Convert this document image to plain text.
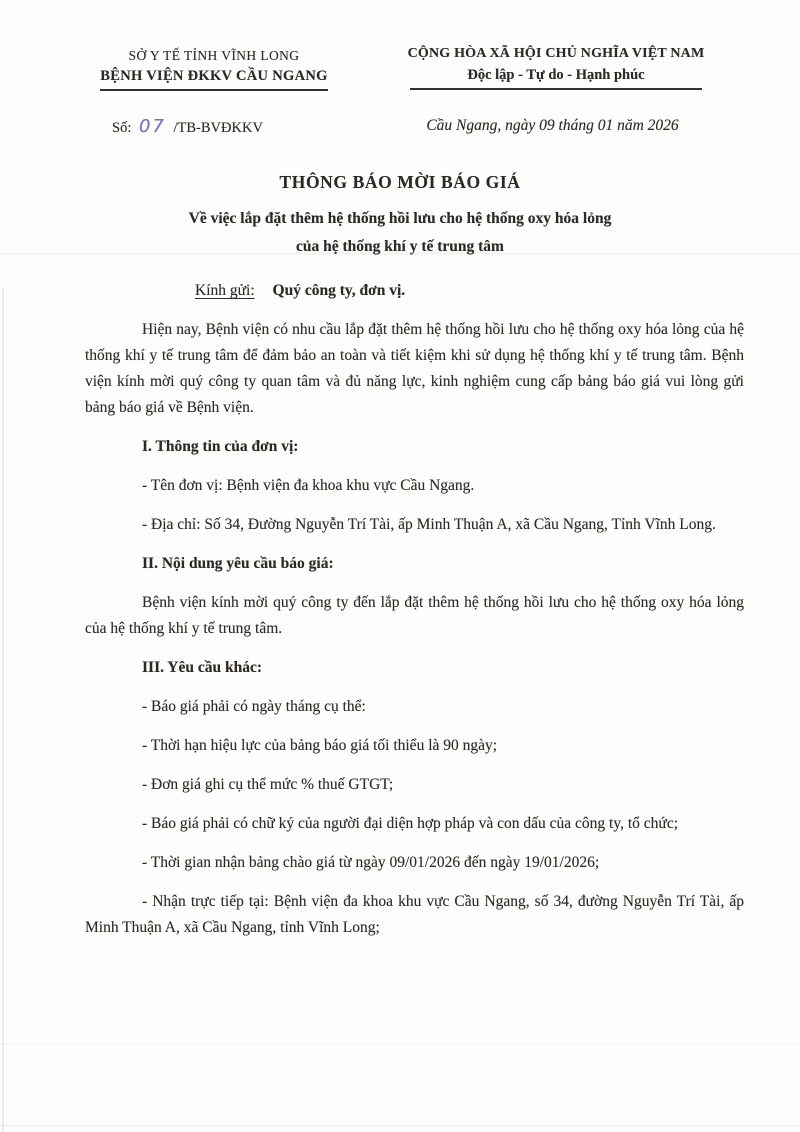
SỞ Y TẾ TỈNH VĨNH LONG
BỆNH VIỆN ĐKKV CẦU NGANG
CỘNG HÒA XÃ HỘI CHỦ NGHĨA VIỆT NAM
Độc lập - Tự do - Hạnh phúc
Số: 07 /TB-BVĐKKV	Cầu Ngang, ngày 09 tháng 01 năm 2026
THÔNG BÁO MỜI BÁO GIÁ
Về việc lắp đặt thêm hệ thống hồi lưu cho hệ thống oxy hóa lỏng
của hệ thống khí y tế trung tâm

Kính gửi: Quý công ty, đơn vị.

Hiện nay, Bệnh viện có nhu cầu lắp đặt thêm hệ thống hồi lưu cho hệ thống oxy hóa lỏng của hệ thống khí y tế trung tâm để đảm bảo an toàn và tiết kiệm khi sử dụng hệ thống khí y tế trung tâm. Bệnh viện kính mời quý công ty quan tâm và đủ năng lực, kinh nghiệm cung cấp bảng báo giá vui lòng gửi bảng báo giá về Bệnh viện.

I. Thông tin của đơn vị:

- Tên đơn vị: Bệnh viện đa khoa khu vực Cầu Ngang.

- Địa chỉ: Số 34, Đường Nguyễn Trí Tài, ấp Minh Thuận A, xã Cầu Ngang, Tỉnh Vĩnh Long.

II. Nội dung yêu cầu báo giá:

Bệnh viện kính mời quý công ty đến lắp đặt thêm hệ thống hồi lưu cho hệ thống oxy hóa lỏng của hệ thống khí y tế trung tâm.

III. Yêu cầu khác:

- Báo giá phải có ngày tháng cụ thể:

- Thời hạn hiệu lực của bảng báo giá tối thiểu là 90 ngày;

- Đơn giá ghi cụ thể mức % thuế GTGT;

- Báo giá phải có chữ ký của người đại diện hợp pháp và con dấu của công ty, tổ chức;

- Thời gian nhận bảng chào giá từ ngày 09/01/2026 đến ngày 19/01/2026;

- Nhận trực tiếp tại: Bệnh viện đa khoa khu vực Cầu Ngang, số 34, đường Nguyễn Trí Tài, ấp Minh Thuận A, xã Cầu Ngang, tỉnh Vĩnh Long;
